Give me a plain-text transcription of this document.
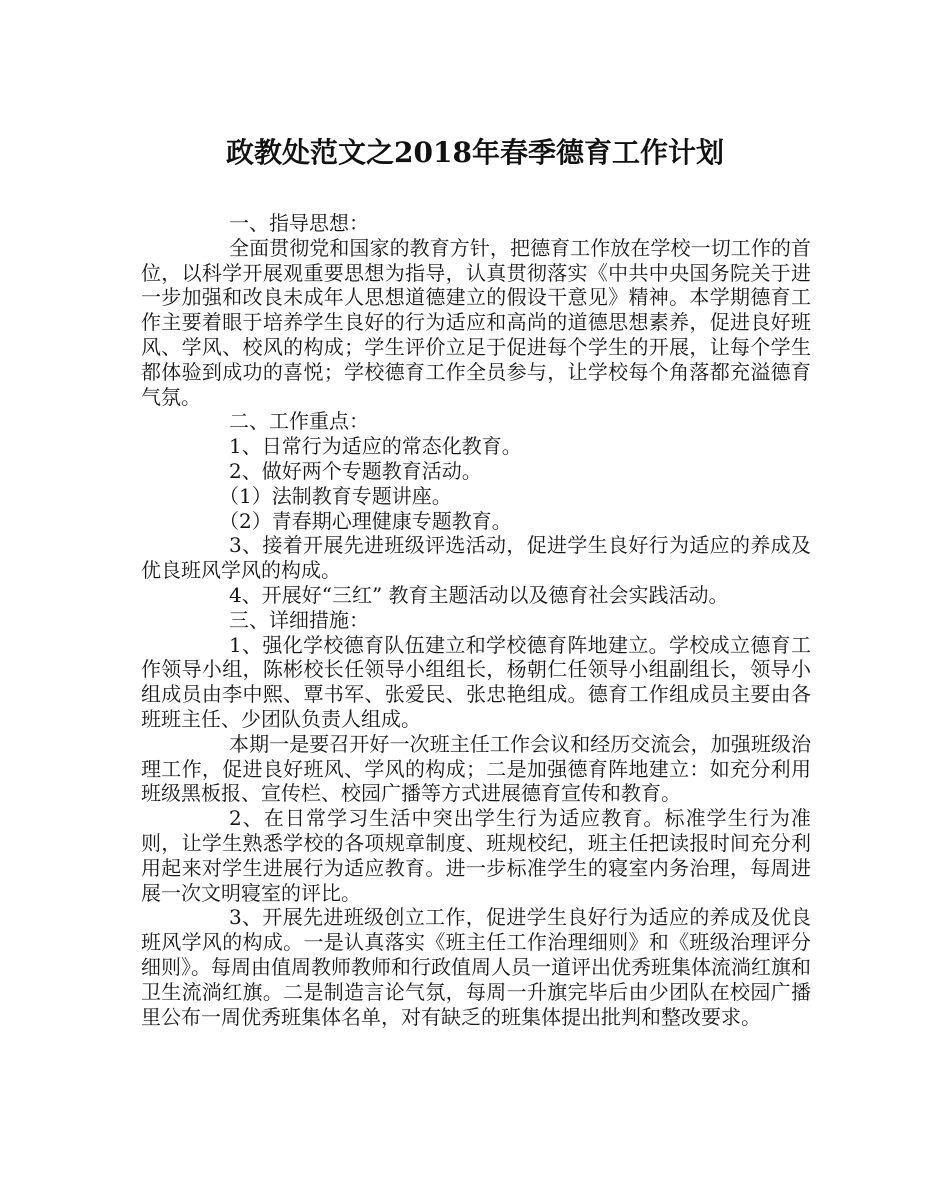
政教处范文之2018年春季德育工作计划

一、指导思想：

全面贯彻党和国家的教育方针，把德育工作放在学校一切工作的首位，以科学开展观重要思想为指导，认真贯彻落实《中共中央国务院关于进一步加强和改良未成年人思想道德建立的假设干意见》精神。本学期德育工作主要着眼于培养学生良好的行为适应和高尚的道德思想素养，促进良好班风、学风、校风的构成；学生评价立足于促进每个学生的开展，让每个学生都体验到成功的喜悦；学校德育工作全员参与，让学校每个角落都充溢德育气氛。

二、工作重点：

1、日常行为适应的常态化教育。

2、做好两个专题教育活动。

（1）法制教育专题讲座。

（2）青春期心理健康专题教育。

3、接着开展先进班级评选活动，促进学生良好行为适应的养成及优良班风学风的构成。

4、开展好“三红” 教育主题活动以及德育社会实践活动。

三、详细措施：

1、强化学校德育队伍建立和学校德育阵地建立。学校成立德育工作领导小组，陈彬校长任领导小组组长，杨朝仁任领导小组副组长，领导小组成员由李中熙、覃书军、张爱民、张忠艳组成。德育工作组成员主要由各班班主任、少团队负责人组成。

本期一是要召开好一次班主任工作会议和经历交流会，加强班级治理工作，促进良好班风、学风的构成；二是加强德育阵地建立：如充分利用班级黑板报、宣传栏、校园广播等方式进展德育宣传和教育。

2、在日常学习生活中突出学生行为适应教育。标准学生行为准则，让学生熟悉学校的各项规章制度、班规校纪，班主任把读报时间充分利用起来对学生进展行为适应教育。进一步标准学生的寝室内务治理，每周进展一次文明寝室的评比。

3、开展先进班级创立工作，促进学生良好行为适应的养成及优良班风学风的构成。一是认真落实《班主任工作治理细则》和《班级治理评分细则》。每周由值周教师教师和行政值周人员一道评出优秀班集体流淌红旗和卫生流淌红旗。二是制造言论气氛，每周一升旗完毕后由少团队在校园广播里公布一周优秀班集体名单，对有缺乏的班集体提出批判和整改要求。
